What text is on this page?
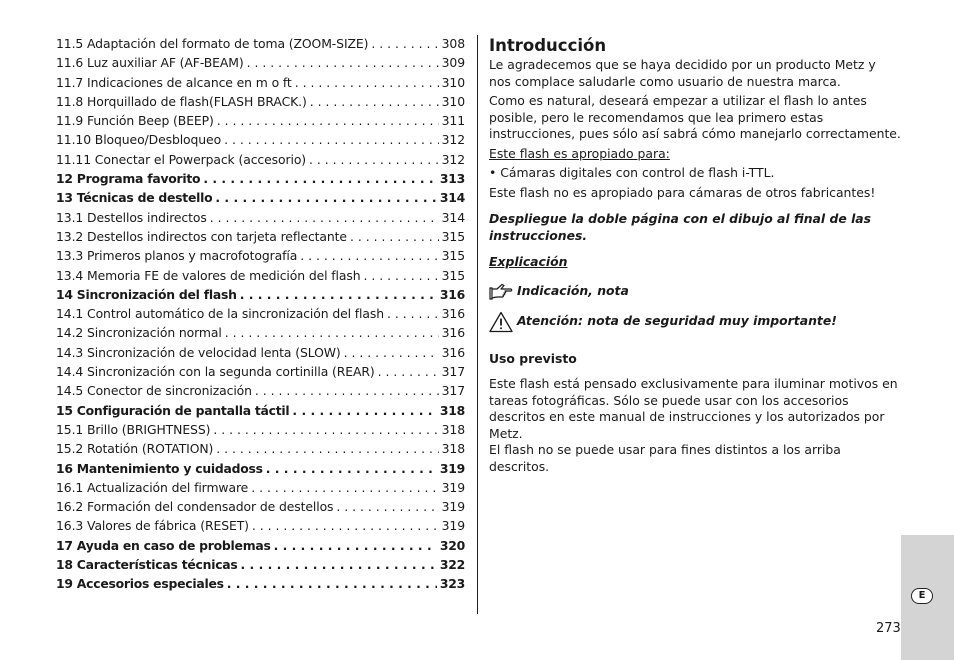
11.5 Adaptación del formato de toma (ZOOM-SIZE) . . .	308
11.6 Luz auxiliar AF (AF-BEAM) . . .	309
11.7 Indicaciones de alcance en m o ft . . .	310
11.8 Horquillado de flash(FLASH BRACK.) . . .	310
11.9 Función Beep (BEEP) . . .	311
11.10 Bloqueo/Desbloqueo . . .	312
11.11 Conectar el Powerpack (accesorio) . . .	312
12 Programa favorito . . .	313
13 Técnicas de destello . . .	314
13.1 Destellos indirectos . . .	314
13.2 Destellos indirectos con tarjeta reflectante . . .	315
13.3 Primeros planos y macrofotografía . . .	315
13.4 Memoria FE de valores de medición del flash . . .	315
14 Sincronización del flash . . .	316
14.1 Control automático de la sincronización del flash . . .	316
14.2 Sincronización normal . . .	316
14.3 Sincronización de velocidad lenta (SLOW) . . .	316
14.4 Sincronización con la segunda cortinilla (REAR) . . .	317
14.5 Conector de sincronización . . .	317
15 Configuración de pantalla táctil . . .	318
15.1 Brillo (BRIGHTNESS) . . .	318
15.2 Rotatión (ROTATION) . . .	318
16 Mantenimiento y cuidadoss . . .	319
16.1 Actualización del firmware . . .	319
16.2 Formación del condensador de destellos . . .	319
16.3 Valores de fábrica (RESET) . . .	319
17 Ayuda en caso de problemas . . .	320
18 Características técnicas . . .	322
19 Accesorios especiales . . .	323
Introducción

Le agradecemos que se haya decidido por un producto Metz y nos complace saludarle como usuario de nuestra marca.

Como es natural, deseará empezar a utilizar el flash lo antes posible, pero le recomendamos que lea primero estas instrucciones, pues sólo así sabrá cómo manejarlo correctamente.

Este flash es apropiado para:

• Cámaras digitales con control de flash i-TTL.

Este flash no es apropiado para cámaras de otros fabricantes!

Despliegue la doble página con el dibujo al final de las instrucciones.

Explicación

Indicación, nota
Atención: nota de seguridad muy importante!

Uso previsto

Este flash está pensado exclusivamente para iluminar motivos en tareas fotográficas. Sólo se puede usar con los accesorios descritos en este manual de instrucciones y los autorizados por Metz.

El flash no se puede usar para fines distintos a los arriba descritos.

E
273
